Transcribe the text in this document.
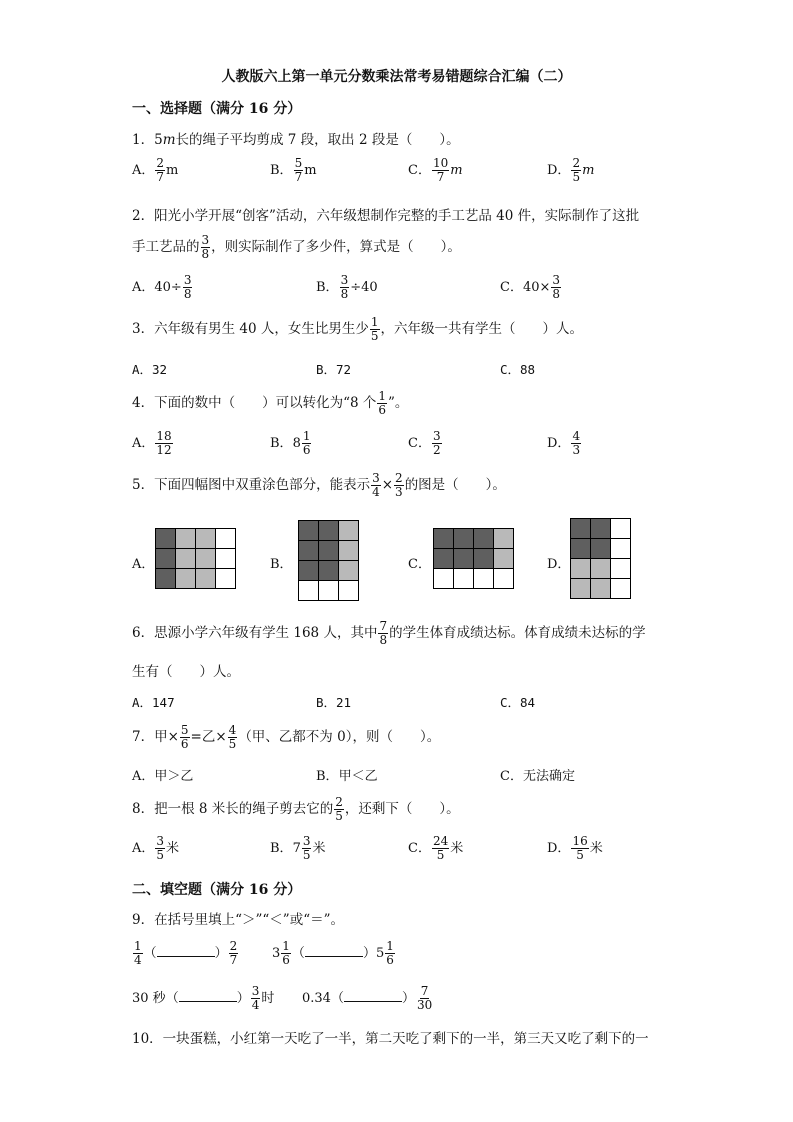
人教版六上第一单元分数乘法常考易错题综合汇编（二）
一、选择题（满分 16 分）
1．5m长的绳子平均剪成 7 段，取出 2 段是（　　）。
A． $\frac{2}{7}$ m	B． $\frac{5}{7}$ m	C． $\frac{10}{7}$ m	D． $\frac{2}{5}$ m
2．阳光小学开展“创客”活动，六年级想制作完整的手工艺品 40 件，实际制作了这批
手工艺品的 $\frac{3}{8}$ ，则实际制作了多少件，算式是（　　）。
A．$40\div \frac{3}{8}$	B． $\frac{3}{8} \div 40$	C．$40\times \frac{3}{8}$
3．六年级有男生 40 人，女生比男生少 $\frac{1}{5}$ ，六年级一共有学生（　　）人。
A．32	B．72	C．88
4．下面的数中（　　）可以转化为“8 个 $\frac{1}{6}$ ”。
A． $\frac{18}{12}$	B．$8 \frac{1}{6}$	C． $\frac{3}{2}$	D． $\frac{4}{3}$
5．下面四幅图中双重涂色部分，能表示 $\frac{3}{4} \times \frac{2}{3}$ 的图是（　　）。
A．	B．	C．	D．
6．思源小学六年级有学生 168 人，其中 $\frac{7}{8}$ 的学生体育成绩达标。体育成绩未达标的学
生有（　　）人。
A．147	B．21	C．84
7．甲× $\frac{5}{6}$ =乙× $\frac{4}{5}$ （甲、乙都不为 0），则（　　）。
A．甲＞乙	B．甲＜乙	C．无法确定
8．把一根 8 米长的绳子剪去它的 $\frac{2}{5}$ ，还剩下（　　）。
A． $\frac{3}{5}$ 米	B．$7 \frac{3}{5}$ 米	C． $\frac{24}{5}$ 米	D． $\frac{16}{5}$ 米
二、填空题（满分 16 分）
9．在括号里填上“＞”“＜”或“＝”。
$\frac{1}{4}$ （	） $\frac{2}{7}$	$3 \frac{1}{6}$ （	）$5 \frac{1}{6}$
30 秒（	） $\frac{3}{4}$ 时 0.34（	） $\frac{7}{30}$
10．一块蛋糕，小红第一天吃了一半，第二天吃了剩下的一半，第三天又吃了剩下的一
